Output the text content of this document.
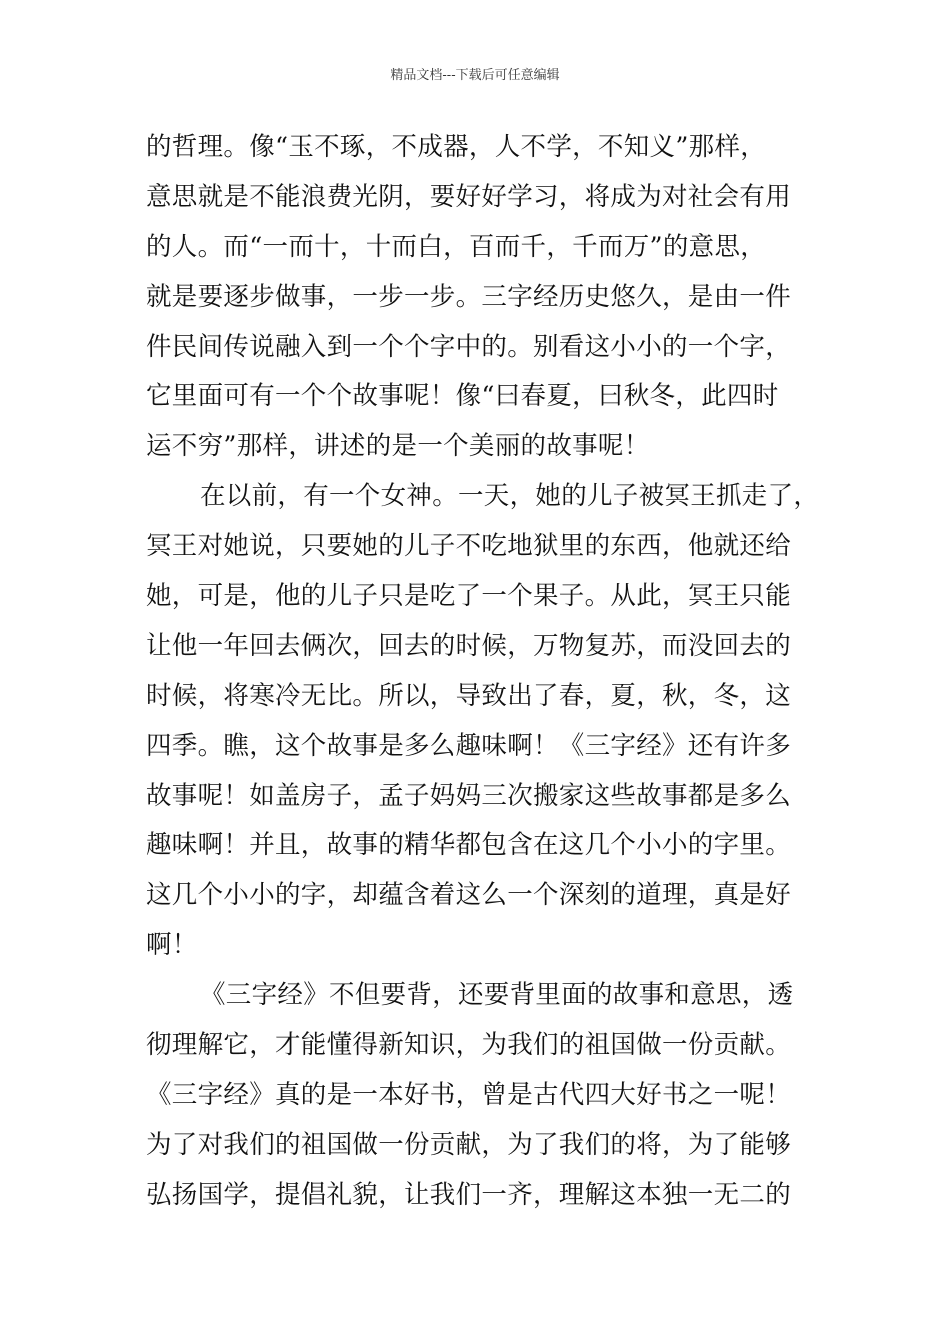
精品文档---下载后可任意编辑
的哲理。像“玉不琢，不成器，人不学，不知义”那样，
意思就是不能浪费光阴，要好好学习，将成为对社会有用
的人。而“一而十，十而白，百而千，千而万”的意思，
就是要逐步做事，一步一步。三字经历史悠久，是由一件
件民间传说融入到一个个字中的。别看这小小的一个字，
它里面可有一个个故事呢！像“曰春夏，曰秋冬，此四时
运不穷”那样，讲述的是一个美丽的故事呢！
在以前，有一个女神。一天，她的儿子被冥王抓走了，
冥王对她说，只要她的儿子不吃地狱里的东西，他就还给
她，可是，他的儿子只是吃了一个果子。从此，冥王只能
让他一年回去俩次，回去的时候，万物复苏，而没回去的
时候，将寒冷无比。所以，导致出了春，夏，秋，冬，这
四季。瞧，这个故事是多么趣味啊！《三字经》还有许多
故事呢！如盖房子，孟子妈妈三次搬家这些故事都是多么
趣味啊！并且，故事的精华都包含在这几个小小的字里。
这几个小小的字，却蕴含着这么一个深刻的道理，真是好
啊！
《三字经》不但要背，还要背里面的故事和意思，透
彻理解它，才能懂得新知识，为我们的祖国做一份贡献。
《三字经》真的是一本好书，曾是古代四大好书之一呢！
为了对我们的祖国做一份贡献，为了我们的将，为了能够
弘扬国学，提倡礼貌，让我们一齐，理解这本独一无二的
